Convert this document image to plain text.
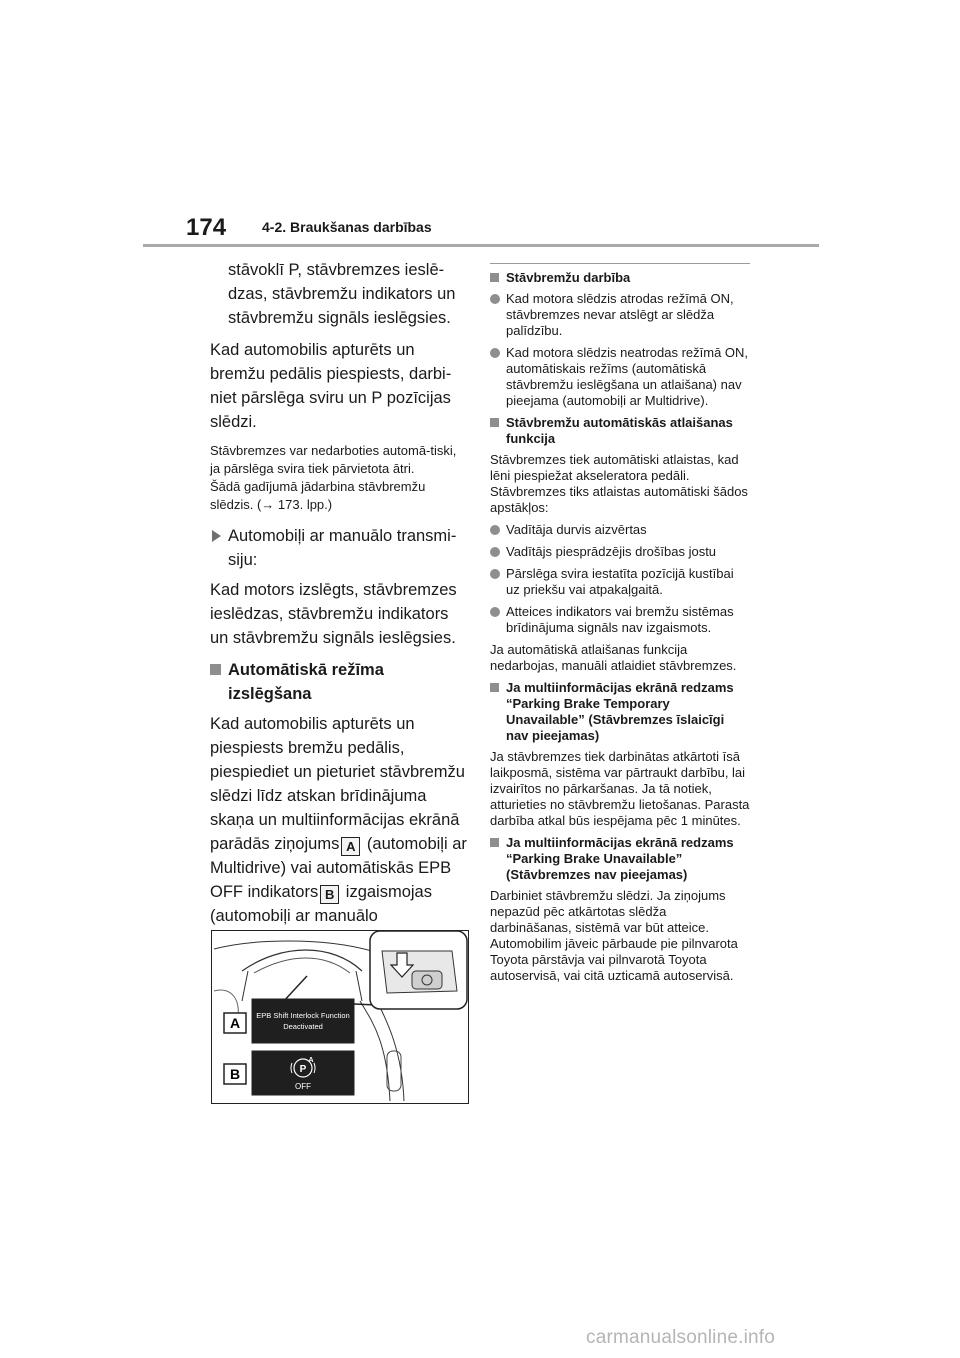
174	4-2. Braukšanas darbības

stāvoklī P, stāvbremzes ieslē-dzas, stāvbremžu indikators un stāvbremžu signāls ieslēgsies.

Kad automobilis apturēts un bremžu pedālis piespiests, darbi-niet pārslēga sviru un P pozīcijas slēdzi.

Stāvbremzes var nedarboties automā-tiski, ja pārslēga svira tiek pārvietota ātri.
Šādā gadījumā jādarbina stāvbremžu slēdzis. (→ 173. lpp.)
Automobiļi ar manuālo transmi-siju:

Kad motors izslēgts, stāvbremzes ieslēdzas, stāvbremžu indikators un stāvbremžu signāls ieslēgsies.

Automātiskā režīma izslēgšana

Kad automobilis apturēts un piespiests bremžu pedālis, piespiediet un pieturiet stāvbremžu slēdzi līdz atskan brīdinājuma skaņa un multiinformācijas ekrānā parādās ziņojums A (automobiļi ar Multidrive) vai automātiskās EPB OFF indikators B izgaismojas (automobiļi ar manuālo

A
B
EPB Shift Interlock Function
Deactivated
P
A
OFF
Stāvbremžu darbība
Kad motora slēdzis atrodas režīmā ON, stāvbremzes nevar atslēgt ar slēdža palīdzību.
Kad motora slēdzis neatrodas režīmā ON, automātiskais režīms (automātiskā stāvbremžu ieslēgšana un atlaišana) nav pieejama (automobiļi ar Multidrive).
Stāvbremžu automātiskās atlaišanas funkcija

Stāvbremzes tiek automātiski atlaistas, kad lēni piespiežat akseleratora pedāli. Stāvbremzes tiks atlaistas automātiski šādos apstākļos:

Vadītāja durvis aizvērtas
Vadītājs piesprādzējis drošības jostu
Pārslēga svira iestatīta pozīcijā kustībai uz priekšu vai atpakaļgaitā.
Atteices indikators vai bremžu sistēmas brīdinājuma signāls nav izgaismots.

Ja automātiskā atlaišanas funkcija nedarbojas, manuāli atlaidiet stāvbremzes.

Ja multiinformācijas ekrānā redzams “Parking Brake Temporary Unavailable” (Stāvbremzes īslaicīgi nav pieejamas)

Ja stāvbremzes tiek darbinātas atkārtoti īsā laikposmā, sistēma var pārtraukt darbību, lai izvairītos no pārkaršanas. Ja tā notiek, atturieties no stāvbremžu lietošanas. Parasta darbība atkal būs iespējama pēc 1 minūtes.

Ja multiinformācijas ekrānā redzams “Parking Brake Unavailable” (Stāvbremzes nav pieejamas)

Darbiniet stāvbremžu slēdzi. Ja ziņojums nepazūd pēc atkārtotas slēdža darbināšanas, sistēmā var būt atteice. Automobilim jāveic pārbaude pie pilnvarota Toyota pārstāvja vai pilnvarotā Toyota autoservisā, vai citā uzticamā autoservisā.

carmanualsonline.info
